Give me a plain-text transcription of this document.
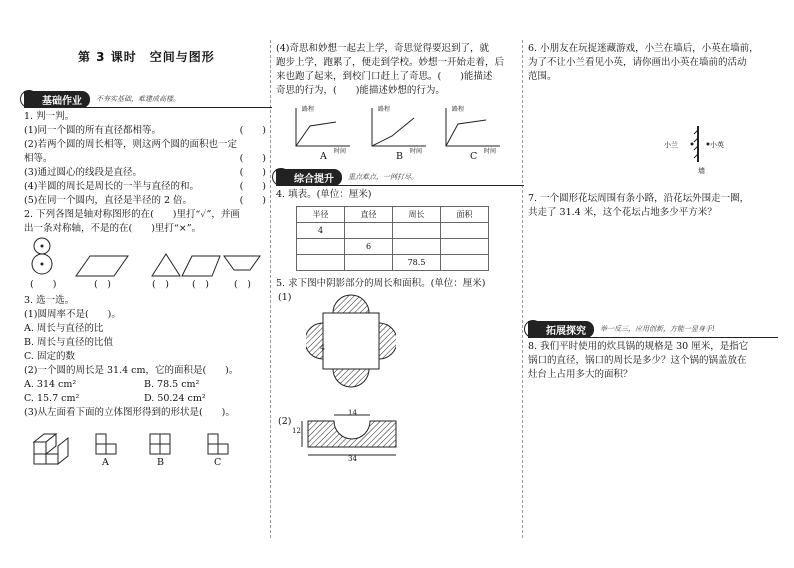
第 3 课时　空间与图形
基础作业	不夯实基础，难建成高楼。
1. 判一判。
(1)同一个圆的所有直径都相等。	(　　)
(2)若两个圆的周长相等，则这两个圆的面积也一定
相等。	(　　)
(3)通过圆心的线段是直径。	(　　)
(4)半圆的周长是周长的一半与直径的和。	(　　)
(5)在同一个圆内，直径是半径的 2 倍。	(　　)
2. 下列各图是轴对称图形的在(　　)里打“✓”，并画
出一条对称轴，不是的在(　　)里打“×”。
(　　)	(　)	(　) (　)	(　)
3. 选一选。
(1)圆周率不是(　　)。
A. 周长与直径的比
B. 周长与直径的比值
C. 固定的数
(2)一个圆的周长是 31.4 cm，它的面积是(　　)。
A. 314 cm²	B. 78.5 cm²
C. 15.7 cm²	D. 50.24 cm²
(3)从左面看下面的立体图形得到的形状是(　　)。
A	B	C
(4)奇思和妙想一起去上学，奇思觉得要迟到了，就
跑步上学，跑累了，便走到学校。妙想一开始走着，后
来也跑了起来，到校门口赶上了奇思。(　　)能描述
奇思的行为，(　　)能描述妙想的行为。
路程
时间
路程
时间
路程
时间
A	B	C
综合提升	重点难点，一网打尽。
4. 填表。(单位：厘米)
半径	直径	周长	面积
4			
	6		
		78.5	
5. 求下图中阴影部分的周长和面积。(单位：厘米)
(1)
4
(2)
14
12
34
6. 小朋友在玩捉迷藏游戏，小兰在墙后，小英在墙前，
为了不让小兰看见小英，请你画出小英在墙前的活动
范围。
小兰	小英
墙
7. 一个圆形花坛周围有条小路，沿花坛外围走一圈，
共走了 31.4 米，这个花坛占地多少平方米？
拓展探究	举一反三，应用创新，方能一显身手!
8. 我们平时使用的炊具锅的规格是 30 厘米，是指它
锅口的直径，锅口的周长是多少？这个锅的锅盖放在
灶台上占用多大的面积？
